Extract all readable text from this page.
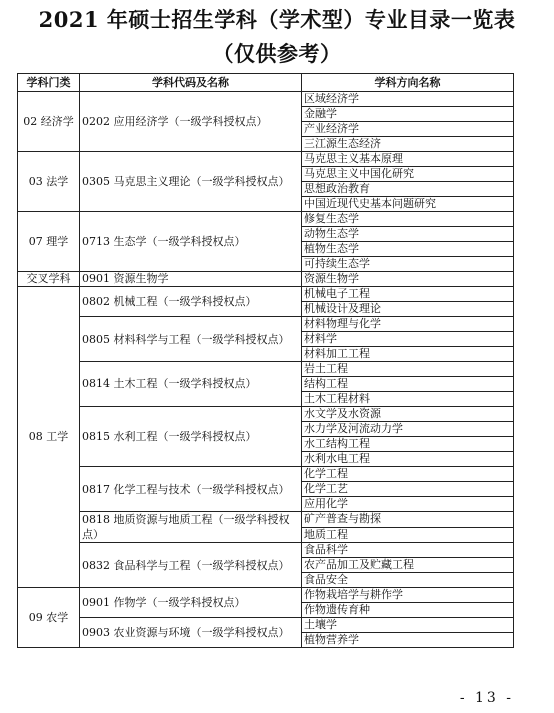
2021 年硕士招生学科（学术型）专业目录一览表
（仅供参考）
学科门类	学科代码及名称	学科方向名称
02 经济学	0202 应用经济学（一级学科授权点）	区域经济学
		金融学
		产业经济学
		三江源生态经济
03 法学	0305 马克思主义理论（一级学科授权点）	马克思主义基本原理
		马克思主义中国化研究
		思想政治教育
		中国近现代史基本问题研究
07 理学	0713 生态学（一级学科授权点）	修复生态学
		动物生态学
		植物生态学
		可持续生态学
交叉学科	0901 资源生物学	资源生物学
08 工学	0802 机械工程（一级学科授权点）	机械电子工程
		机械设计及理论
	0805 材料科学与工程（一级学科授权点）	材料物理与化学
		材料学
		材料加工工程
	0814 土木工程（一级学科授权点）	岩土工程
		结构工程
		土木工程材料
	0815 水利工程（一级学科授权点）	水文学及水资源
		水力学及河流动力学
		水工结构工程
		水利水电工程
	0817 化学工程与技术（一级学科授权点）	化学工程
		化学工艺
		应用化学
	0818 地质资源与地质工程（一级学科授权点）	矿产普查与勘探
		地质工程
	0832 食品科学与工程（一级学科授权点）	食品科学
		农产品加工及贮藏工程
		食品安全
09 农学	0901 作物学（一级学科授权点）	作物栽培学与耕作学
		作物遗传育种
	0903 农业资源与环境（一级学科授权点）	土壤学
		植物营养学
- 13 -
